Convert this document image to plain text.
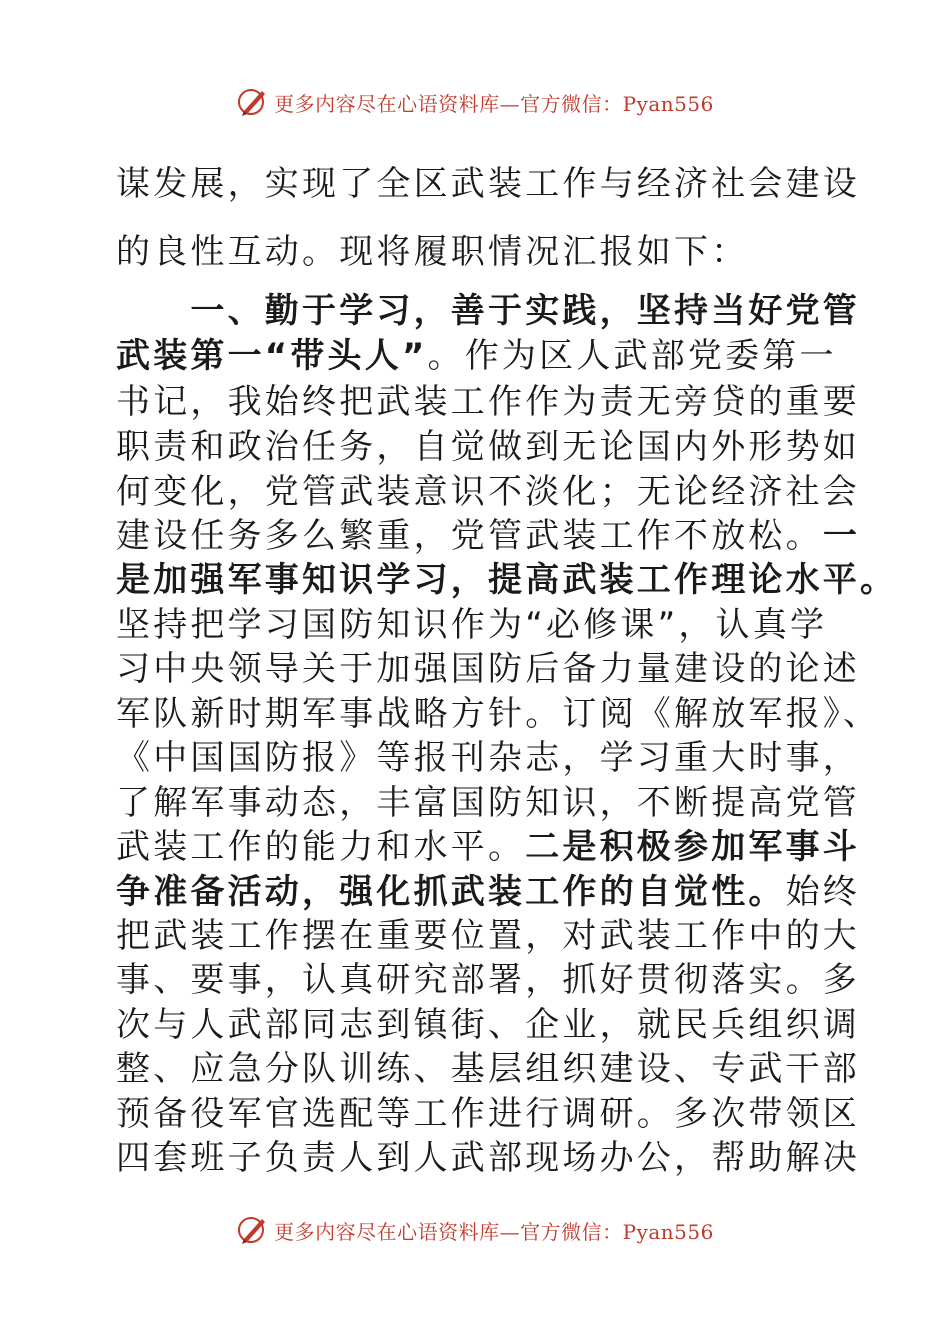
更多内容尽在心语资料库—官方微信：Pyan556
谋发展，实现了全区武装工作与经济社会建设
的良性互动。现将履职情况汇报如下：
　　一、勤于学习，善于实践，坚持当好党管
武装第一“带头人”。作为区人武部党委第一
书记，我始终把武装工作作为责无旁贷的重要
职责和政治任务，自觉做到无论国内外形势如
何变化，党管武装意识不淡化；无论经济社会
建设任务多么繁重，党管武装工作不放松。一
是加强军事知识学习，提高武装工作理论水平。
坚持把学习国防知识作为“必修课”，认真学
习中央领导关于加强国防后备力量建设的论述
军队新时期军事战略方针。订阅《解放军报》、
《中国国防报》等报刊杂志，学习重大时事，
了解军事动态，丰富国防知识，不断提高党管
武装工作的能力和水平。二是积极参加军事斗
争准备活动，强化抓武装工作的自觉性。始终
把武装工作摆在重要位置，对武装工作中的大
事、要事，认真研究部署，抓好贯彻落实。多
次与人武部同志到镇街、企业，就民兵组织调
整、应急分队训练、基层组织建设、专武干部
预备役军官选配等工作进行调研。多次带领区
四套班子负责人到人武部现场办公，帮助解决
更多内容尽在心语资料库—官方微信：Pyan556
